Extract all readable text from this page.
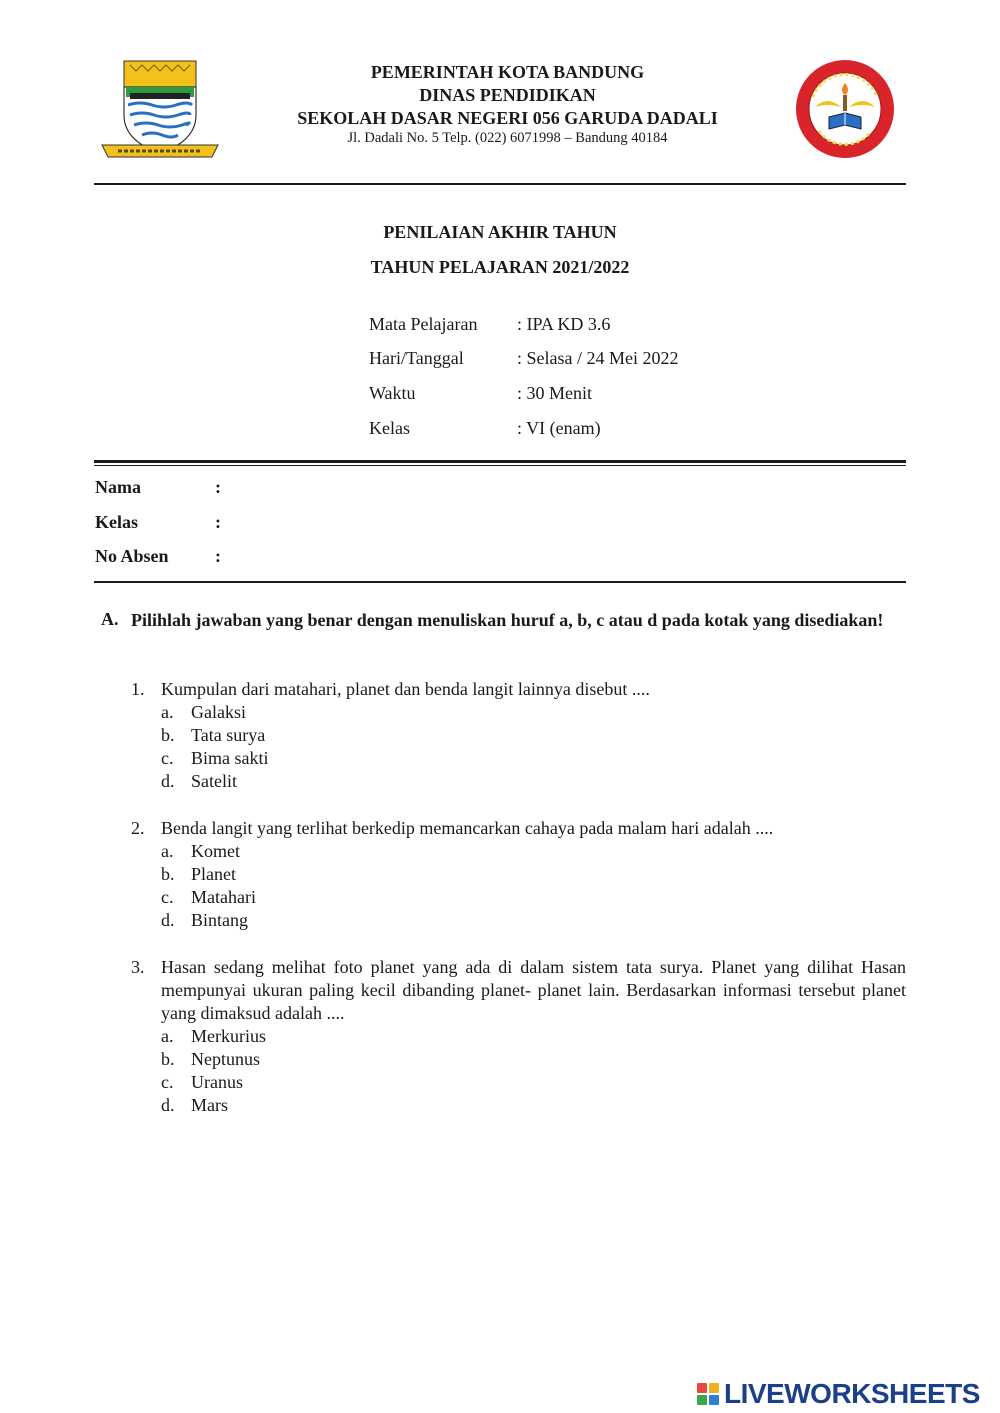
PEMERINTAH KOTA BANDUNG
DINAS PENDIDIKAN
SEKOLAH DASAR NEGERI 056 GARUDA DADALI
Jl. Dadali No. 5 Telp. (022) 6071998 – Bandung 40184
PENILAIAN AKHIR TAHUN
TAHUN PELAJARAN 2021/2022
Mata Pelajaran : IPA KD 3.6
Hari/Tanggal	: Selasa / 24 Mei 2022
Waktu	: 30 Menit
Kelas	: VI (enam)
Nama	:
Kelas	:
No Absen	:
A. Pilihlah jawaban yang benar dengan menuliskan huruf a, b, c atau d pada kotak yang disediakan!
1. Kumpulan dari matahari, planet dan benda langit lainnya disebut ....
a. Galaksi
b. Tata surya
c. Bima sakti
d. Satelit
2. Benda langit yang terlihat berkedip memancarkan cahaya pada malam hari adalah ....
a. Komet
b. Planet
c. Matahari
d. Bintang
3. Hasan sedang melihat foto planet yang ada di dalam sistem tata surya. Planet yang dilihat Hasan mempunyai ukuran paling kecil dibanding planet- planet lain. Berdasarkan informasi tersebut planet yang dimaksud adalah ....
a. Merkurius
b. Neptunus
c. Uranus
d. Mars
LIVEWORKSHEETS
